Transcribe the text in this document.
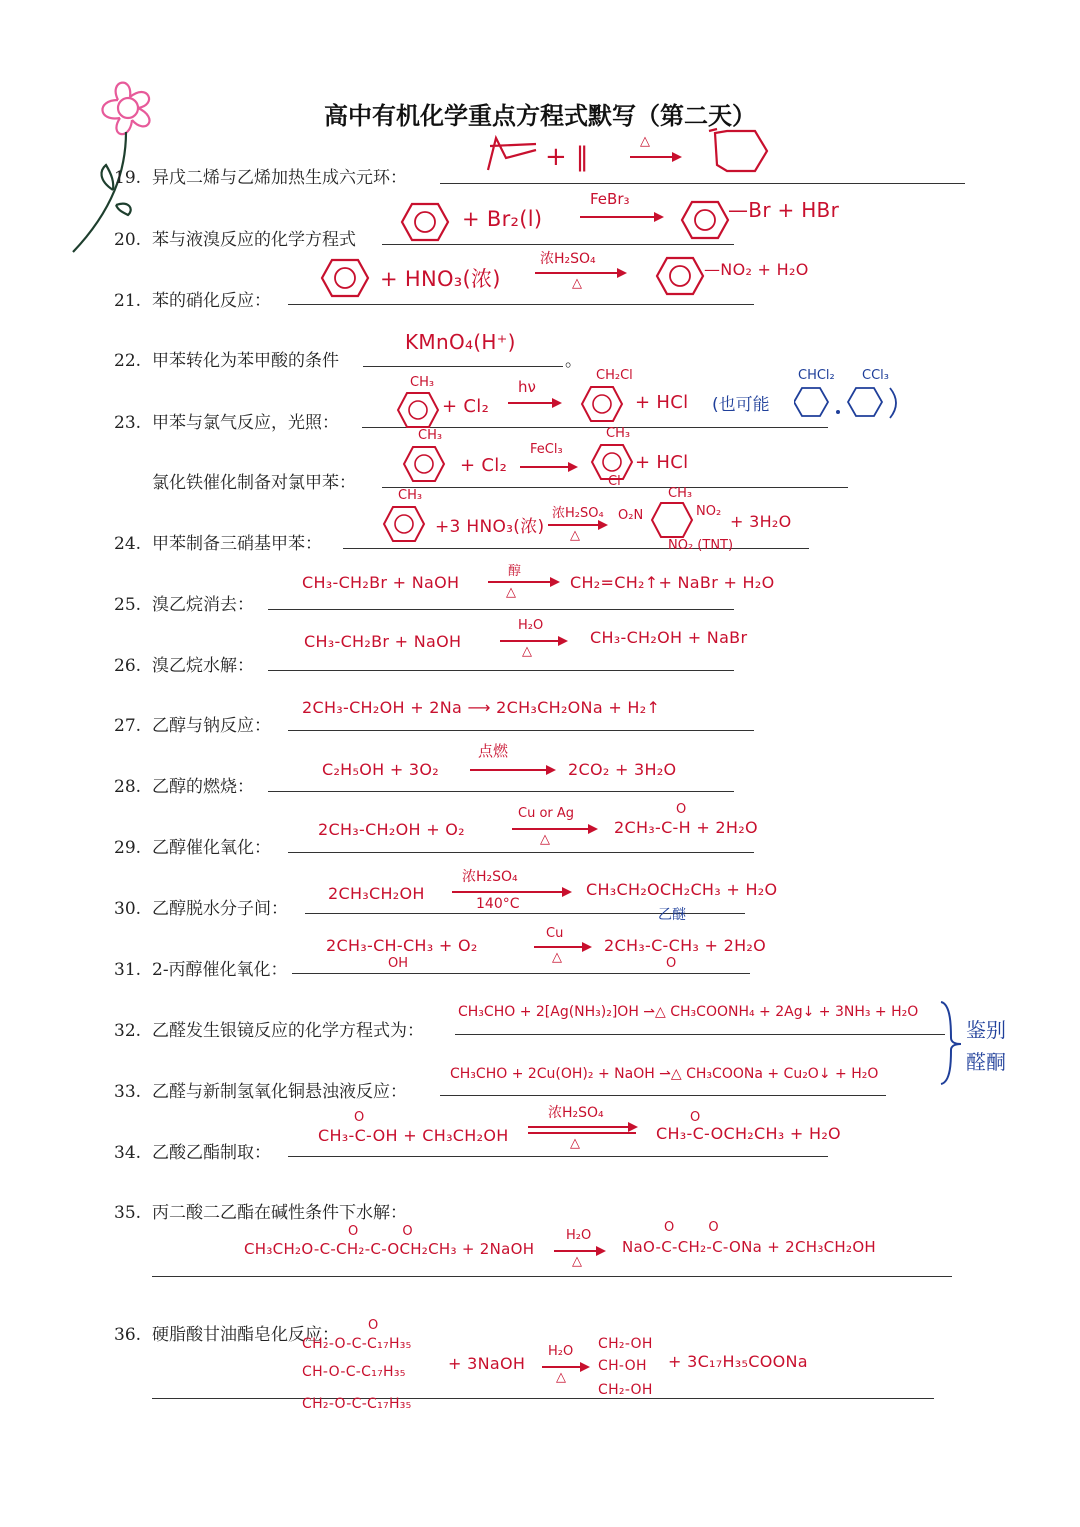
高中有机化学重点方程式默写（第二天）
19. 异戊二烯与乙烯加热生成六元环：
+ ‖
△
20. 苯与液溴反应的化学方程式
+ Br₂(l)
FeBr₃	—Br + HBr
21. 苯的硝化反应：
+ HNO₃(浓)
浓H₂SO₄
△
—NO₂ + H₂O
22. 甲苯转化为苯甲酸的条件
KMnO₄(H⁺)
。
23. 甲苯与氯气反应，光照：
CH₃
+ Cl₂
hν
CH₂Cl
+ HCl (也可能
CHCl₂ CCl₃
氯化铁催化制备对氯甲苯：
CH₃
+ Cl₂
FeCl₃
CH₃
Cl
+ HCl
24. 甲苯制备三硝基甲苯：
CH₃
+3 HNO₃(浓)
浓H₂SO₄
△
O₂N
CH₃
NO₂
NO₂ (TNT)
+ 3H₂O
25. 溴乙烷消去：
CH₃-CH₂Br + NaOH
醇
△
CH₂=CH₂↑+ NaBr + H₂O
26. 溴乙烷水解：
CH₃-CH₂Br + NaOH
H₂O
△
CH₃-CH₂OH + NaBr
27. 乙醇与钠反应：
2CH₃-CH₂OH + 2Na ⟶ 2CH₃CH₂ONa + H₂↑
28. 乙醇的燃烧：
C₂H₅OH + 3O₂
点燃
2CO₂ + 3H₂O
29. 乙醇催化氧化：
2CH₃-CH₂OH + O₂
Cu or Ag
△
O
2CH₃-C-H + 2H₂O
30. 乙醇脱水分子间：
2CH₃CH₂OH
浓H₂SO₄
140°C
CH₃CH₂OCH₂CH₃ + H₂O
乙醚
31. 2-丙醇催化氧化：
2CH₃-CH-CH₃ + O₂
OH
Cu
△
2CH₃-C-CH₃ + 2H₂O
O
32. 乙醛发生银镜反应的化学方程式为：
CH₃CHO + 2[Ag(NH₃)₂]OH ⇀△ CH₃COONH₄ + 2Ag↓ + 3NH₃ + H₂O
33. 乙醛与新制氢氧化铜悬浊液反应：
CH₃CHO + 2Cu(OH)₂ + NaOH ⇀△ CH₃COONa + Cu₂O↓ + H₂O
鉴别
醛酮
34. 乙酸乙酯制取：
O
CH₃-C-OH + CH₃CH₂OH
浓H₂SO₄
△
O
CH₃-C-OCH₂CH₃ + H₂O
35. 丙二酸二乙酯在碱性条件下水解：
O O
CH₃CH₂O-C-CH₂-C-OCH₂CH₃ + 2NaOH
H₂O
△
O O
NaO-C-CH₂-C-ONa + 2CH₃CH₂OH
36. 硬脂酸甘油酯皂化反应： O
CH₂-O-C-C₁₇H₃₅
CH-O-C-C₁₇H₃₅
CH₂-O-C-C₁₇H₃₅
+ 3NaOH
H₂O
△
CH₂-OH
CH-OH
CH₂-OH
+ 3C₁₇H₃₅COONa
